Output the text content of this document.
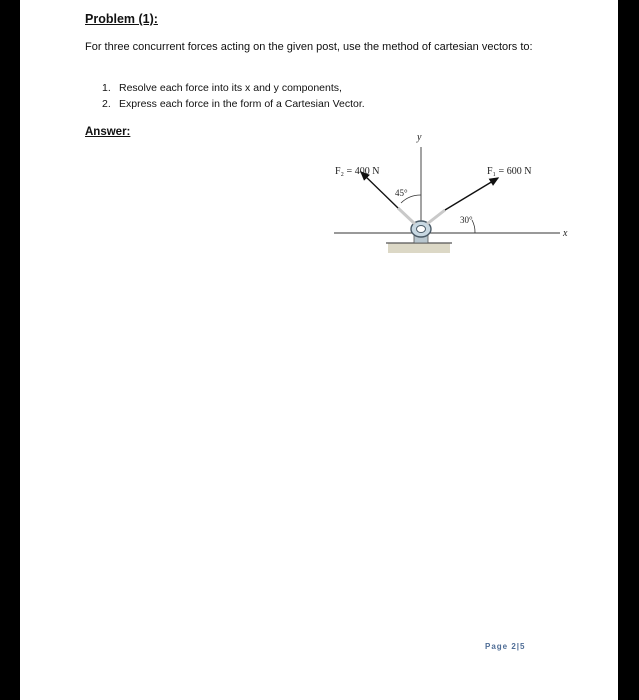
Problem (1):
For three concurrent forces acting on the given post, use the method of cartesian vectors to:
1. Resolve each force into its x and y components,
2. Express each force in the form of a Cartesian Vector.
Answer:
x
y
F₂ = 400 N	F₁ = 600 N
45°
30°
Page 2|5
